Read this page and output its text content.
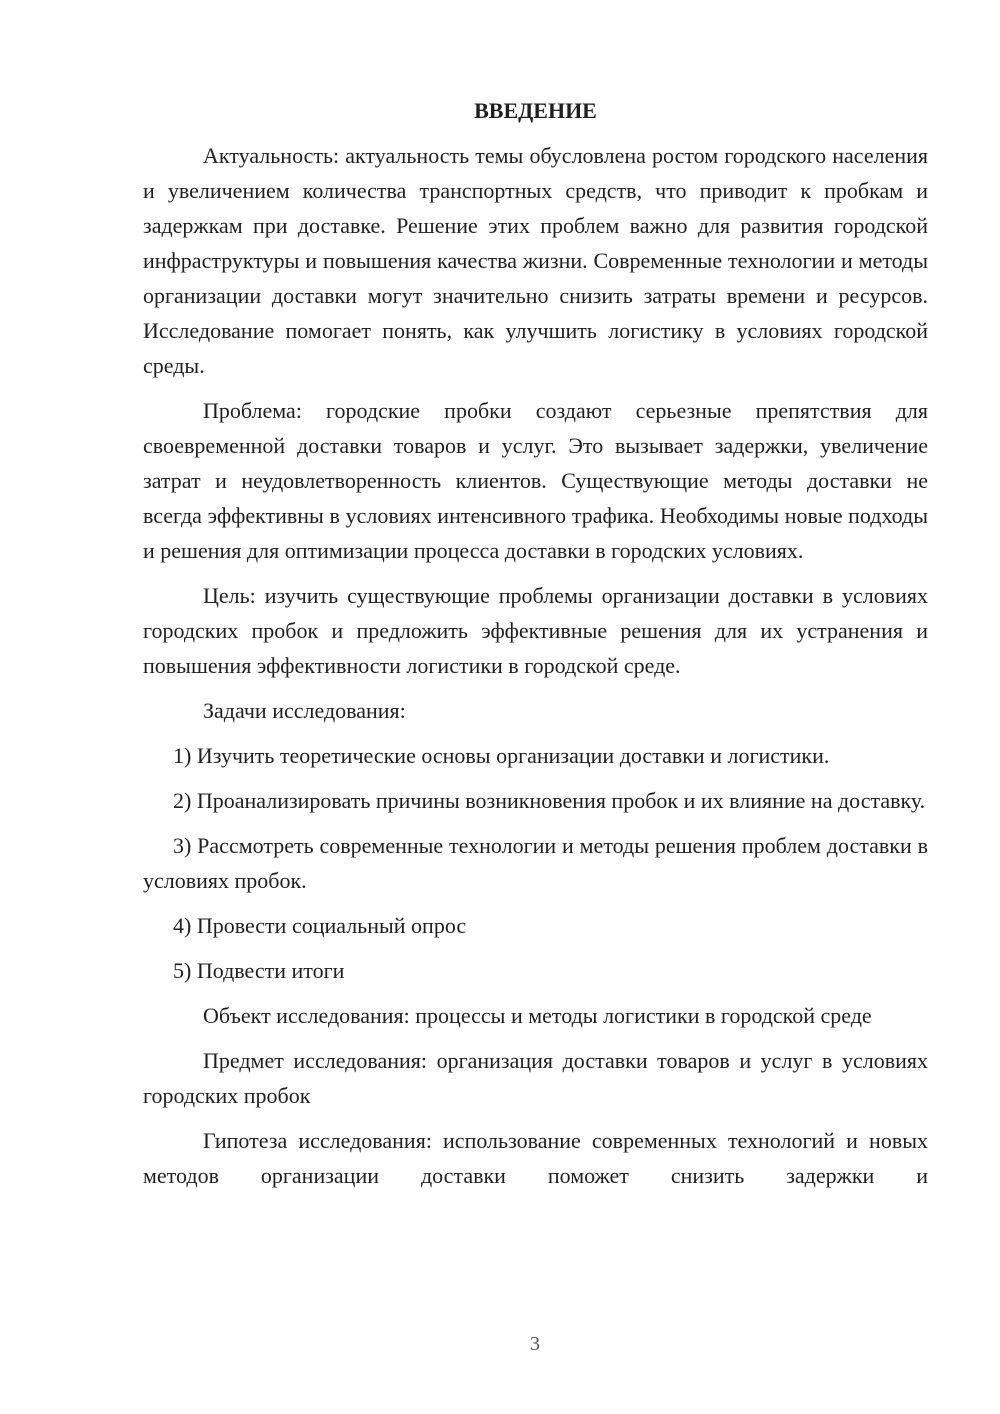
ВВЕДЕНИЕ

Актуальность: актуальность темы обусловлена ростом городского населения и увеличением количества транспортных средств, что приводит к пробкам и задержкам при доставке. Решение этих проблем важно для развития городской инфраструктуры и повышения качества жизни. Современные технологии и методы организации доставки могут значительно снизить затраты времени и ресурсов. Исследование помогает понять, как улучшить логистику в условиях городской среды.

Проблема: городские пробки создают серьезные препятствия для своевременной доставки товаров и услуг. Это вызывает задержки, увеличение затрат и неудовлетворенность клиентов. Существующие методы доставки не всегда эффективны в условиях интенсивного трафика. Необходимы новые подходы и решения для оптимизации процесса доставки в городских условиях.

Цель: изучить существующие проблемы организации доставки в условиях городских пробок и предложить эффективные решения для их устранения и повышения эффективности логистики в городской среде.

Задачи исследования:

1) Изучить теоретические основы организации доставки и логистики.

2) Проанализировать причины возникновения пробок и их влияние на доставку.

3) Рассмотреть современные технологии и методы решения проблем доставки в условиях пробок.

4) Провести социальный опрос

5) Подвести итоги

Объект исследования: процессы и методы логистики в городской среде

Предмет исследования: организация доставки товаров и услуг в условиях городских пробок

Гипотеза исследования: использование современных технологий и новых методов организации доставки поможет снизить задержки и

3
